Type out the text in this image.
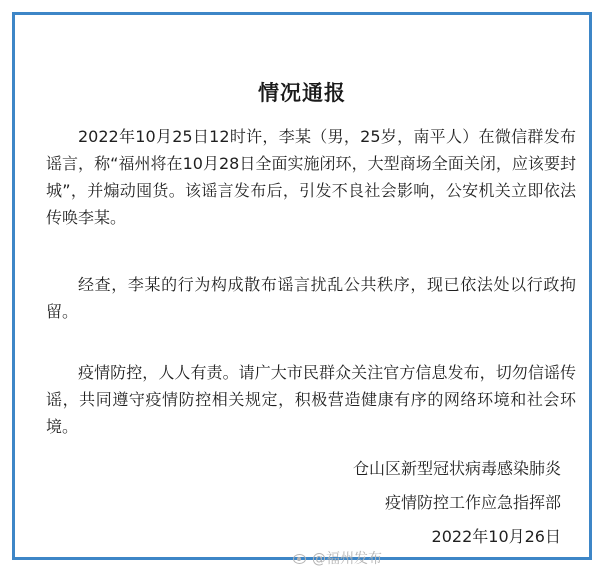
情况通报

2022年10月25日12时许，李某（男，25岁，南平人）在微信群发布谣言，称“福州将在10月28日全面实施闭环，大型商场全面关闭，应该要封城”，并煽动囤货。该谣言发布后，引发不良社会影响，公安机关立即依法传唤李某。

经查，李某的行为构成散布谣言扰乱公共秩序，现已依法处以行政拘留。

疫情防控，人人有责。请广大市民群众关注官方信息发布，切勿信谣传谣，共同遵守疫情防控相关规定，积极营造健康有序的网络环境和社会环境。

仓山区新型冠状病毒感染肺炎
疫情防控工作应急指挥部
2022年10月26日
@福州发布
